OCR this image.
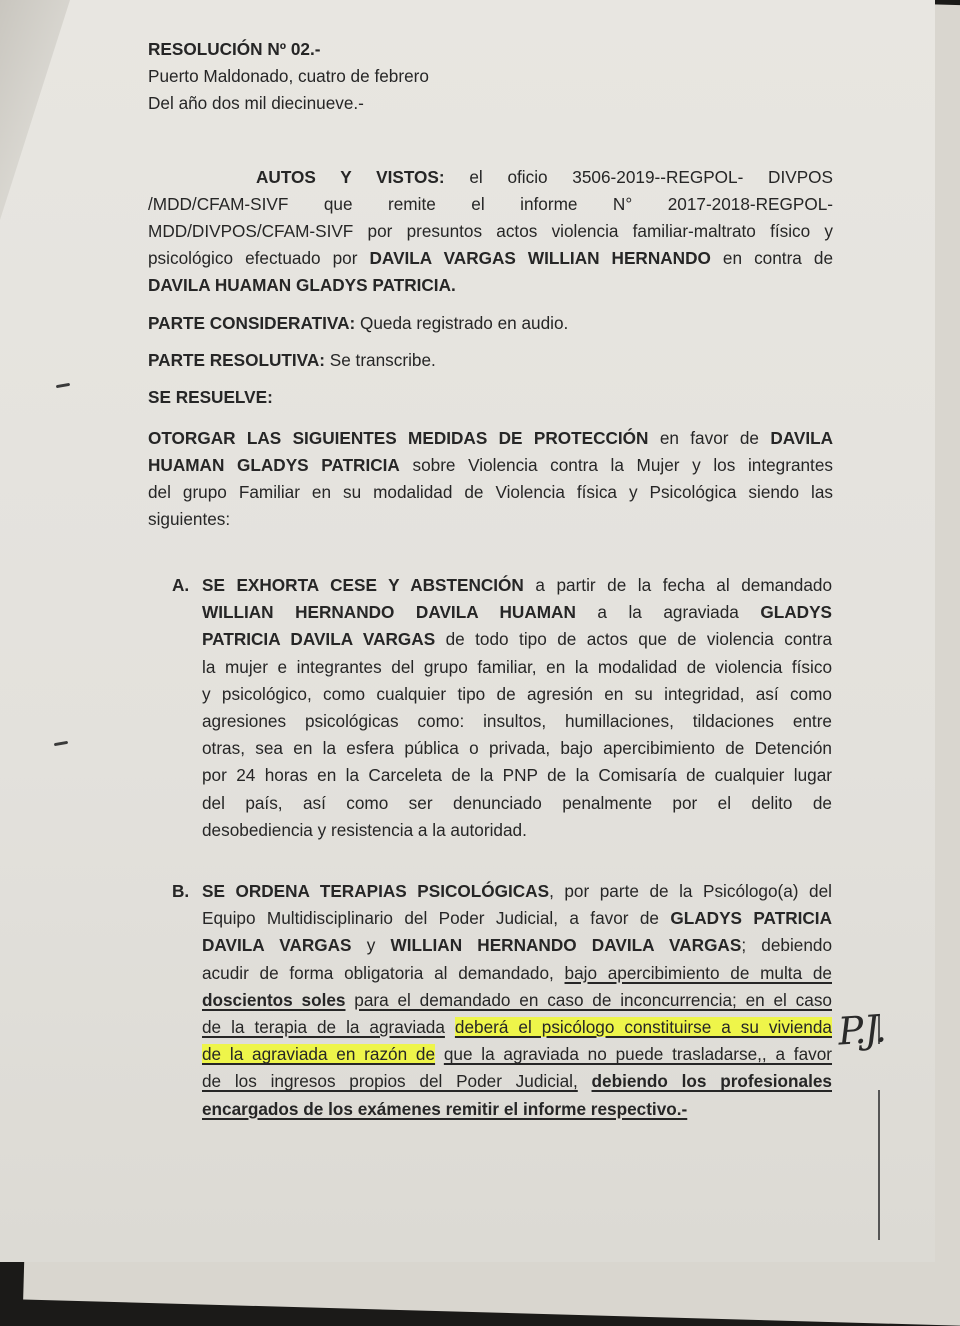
RESOLUCIÓN Nº 02.-
Puerto Maldonado, cuatro de febrero
Del año dos mil diecinueve.-
AUTOS Y VISTOS: el oficio 3506-2019--REGPOL- DIVPOS
/MDD/CFAM-SIVF que remite el informe N° 2017-2018-REGPOL-
MDD/DIVPOS/CFAM-SIVF por presuntos actos violencia familiar-maltrato físico y
psicológico efectuado por DAVILA VARGAS WILLIAN HERNANDO en contra de
DAVILA HUAMAN GLADYS PATRICIA.
PARTE CONSIDERATIVA: Queda registrado en audio.
PARTE RESOLUTIVA: Se transcribe.
SE RESUELVE:
OTORGAR LAS SIGUIENTES MEDIDAS DE PROTECCIÓN en favor de DAVILA
HUAMAN GLADYS PATRICIA sobre Violencia contra la Mujer y los integrantes
del grupo Familiar en su modalidad de Violencia física y Psicológica siendo las
siguientes:
A. SE EXHORTA CESE Y ABSTENCIÓN a partir de la fecha al demandado
WILLIAN HERNANDO DAVILA HUAMAN a la agraviada GLADYS
PATRICIA DAVILA VARGAS de todo tipo de actos que de violencia contra
la mujer e integrantes del grupo familiar, en la modalidad de violencia físico
y psicológico, como cualquier tipo de agresión en su integridad, así como
agresiones psicológicas como: insultos, humillaciones, tildaciones entre
otras, sea en la esfera pública o privada, bajo apercibimiento de Detención
por 24 horas en la Carceleta de la PNP de la Comisaría de cualquier lugar
del país, así como ser denunciado penalmente por el delito de
desobediencia y resistencia a la autoridad.
B. SE ORDENA TERAPIAS PSICOLÓGICAS, por parte de la Psicólogo(a) del
Equipo Multidisciplinario del Poder Judicial, a favor de GLADYS PATRICIA
DAVILA VARGAS y WILLIAN HERNANDO DAVILA VARGAS; debiendo
acudir de forma obligatoria al demandado, bajo apercibimiento de multa de
doscientos soles para el demandado en caso de inconcurrencia; en el caso
de la terapia de la agraviada deberá el psicólogo constituirse a su vivienda
de la agraviada en razón de que la agraviada no puede trasladarse,, a favor
de los ingresos propios del Poder Judicial, debiendo los profesionales
encargados de los exámenes remitir el informe respectivo.-
P.J.
